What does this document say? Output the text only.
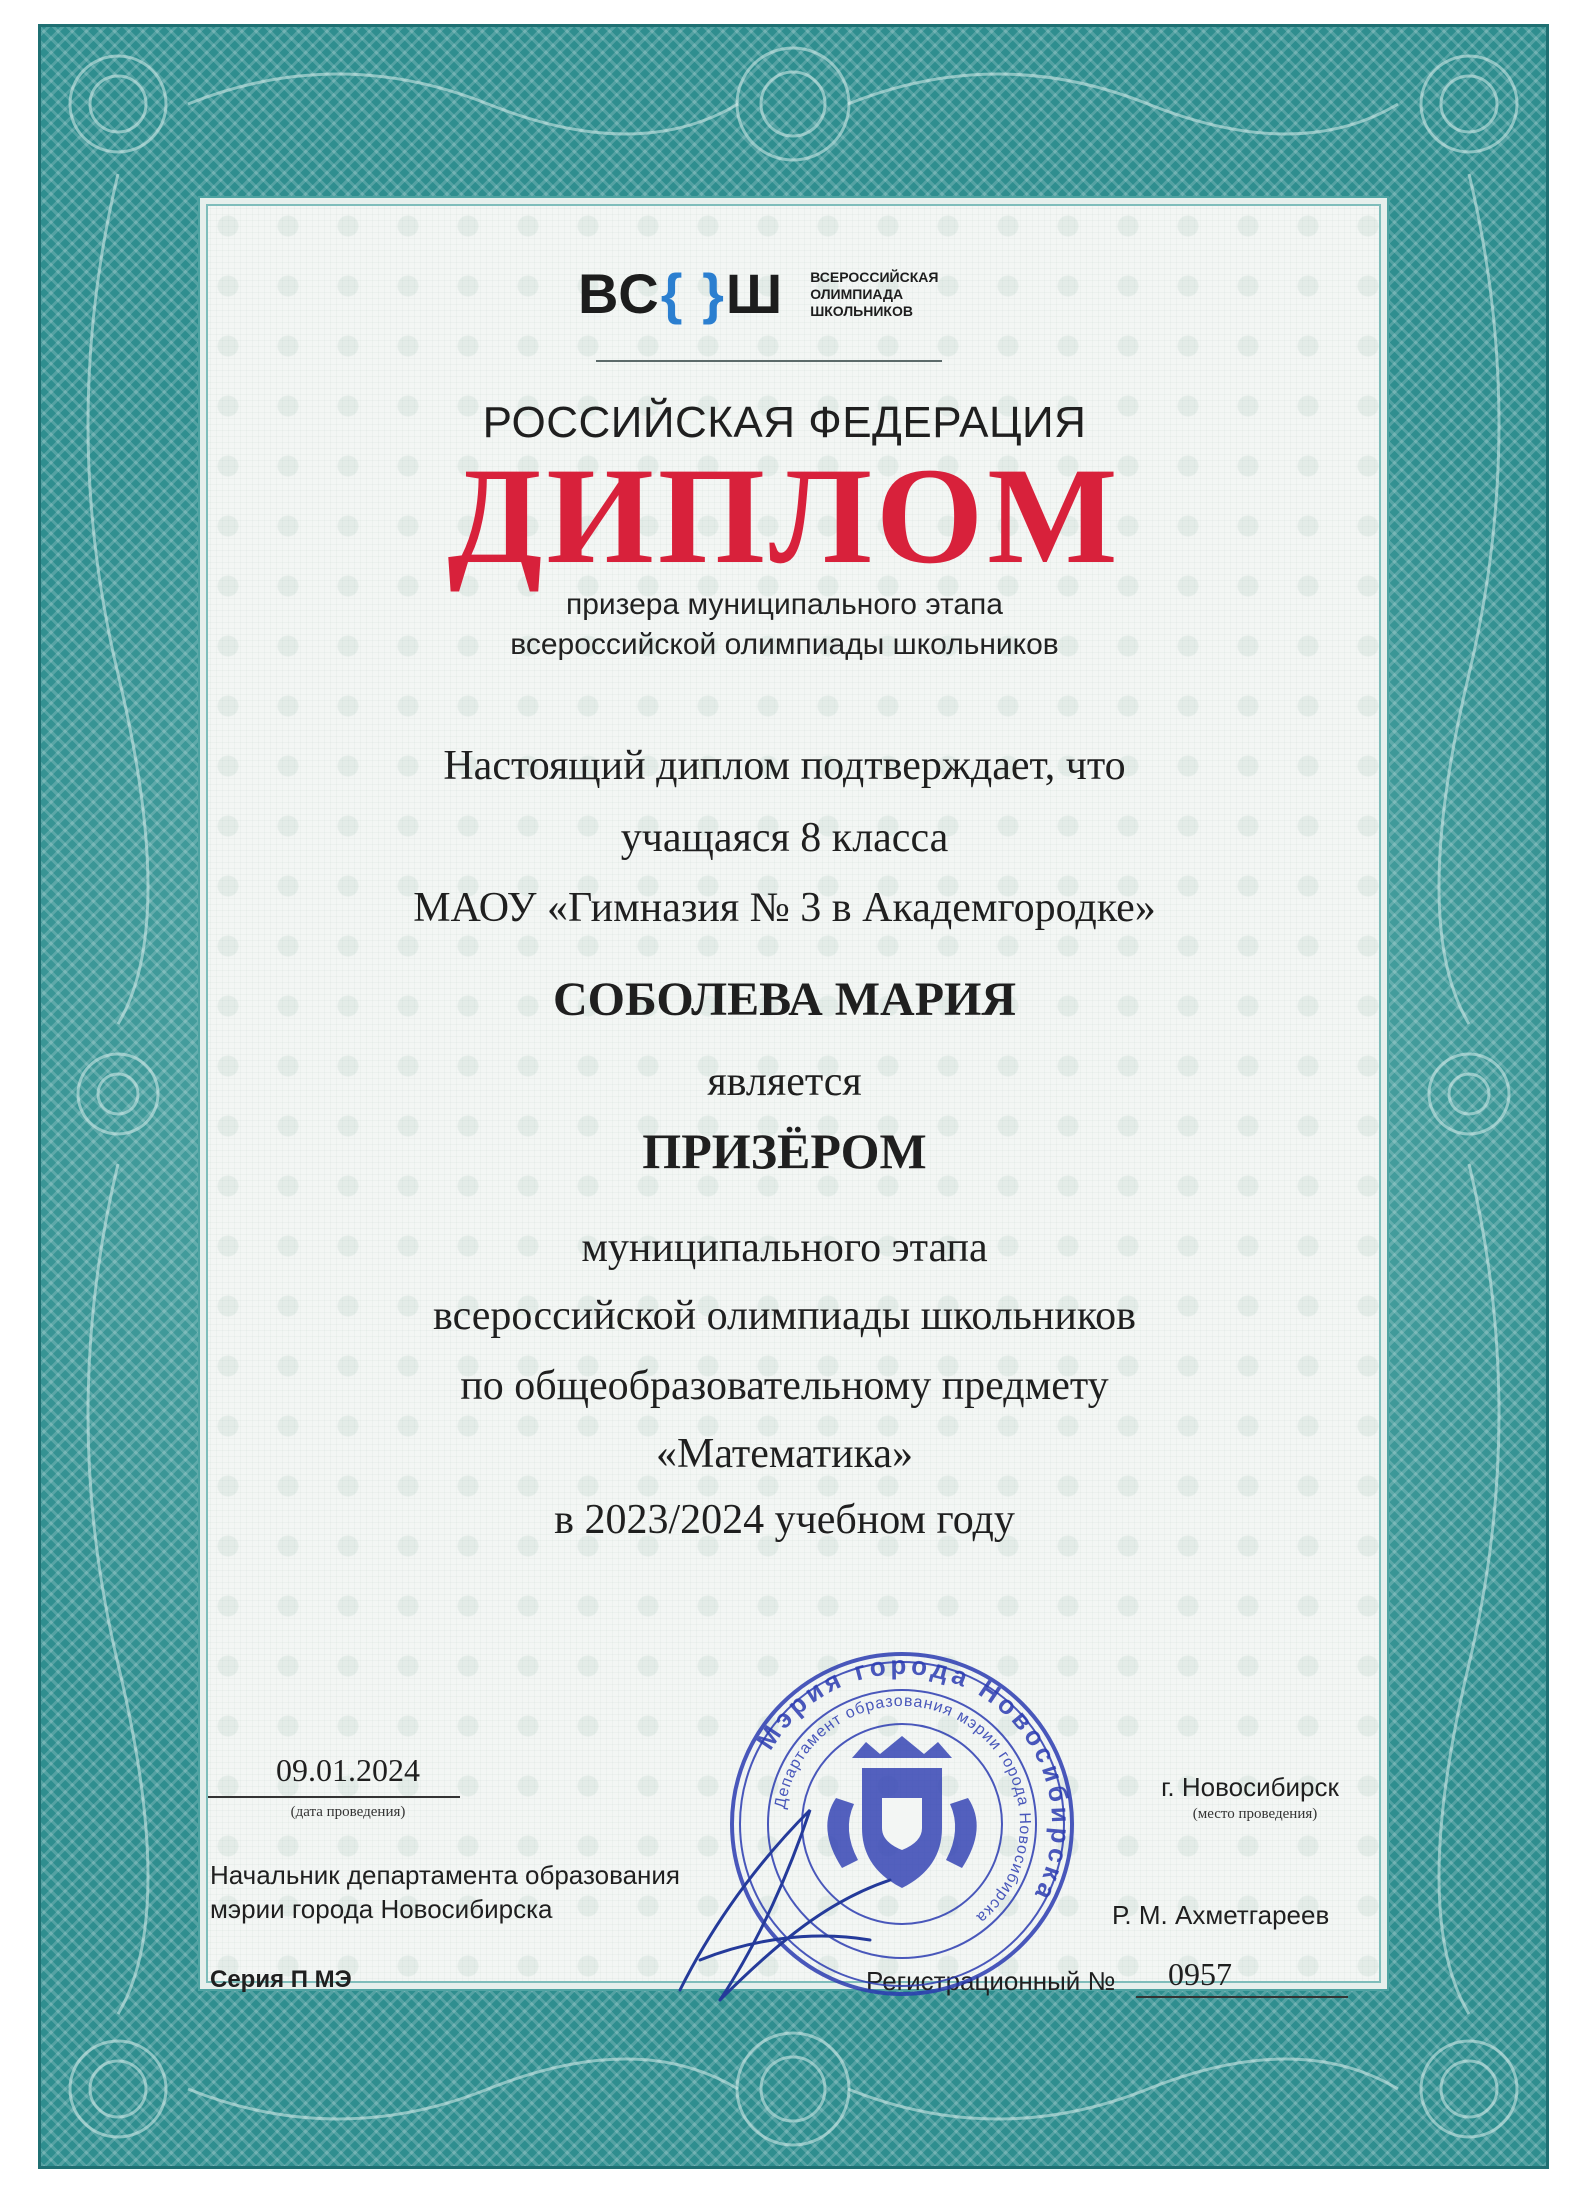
ВС{ }Ш ВСЕРОССИЙСКАЯ
ОЛИМПИАДА
ШКОЛЬНИКОВ
РОССИЙСКАЯ ФЕДЕРАЦИЯ
ДИПЛОМ
призера муниципального этапа
всероссийской олимпиады школьников
Настоящий диплом подтверждает, что
учащаяся 8 класса
МАОУ «Гимназия № 3 в Академгородке»
СОБОЛЕВА МАРИЯ
является
ПРИЗЁРОМ
муниципального этапа
всероссийской олимпиады школьников
по общеобразовательному предмету
«Математика»
в 2023/2024 учебном году
09.01.2024
(дата проведения)
г. Новосибирск
(место проведения)
Начальник департамента образования
мэрии города Новосибирска	Р. М. Ахметгареев
Серия П МЭ	Регистрационный №	0957
Мэрия города Новосибирска
Департамент образования мэрии города Новосибирска
